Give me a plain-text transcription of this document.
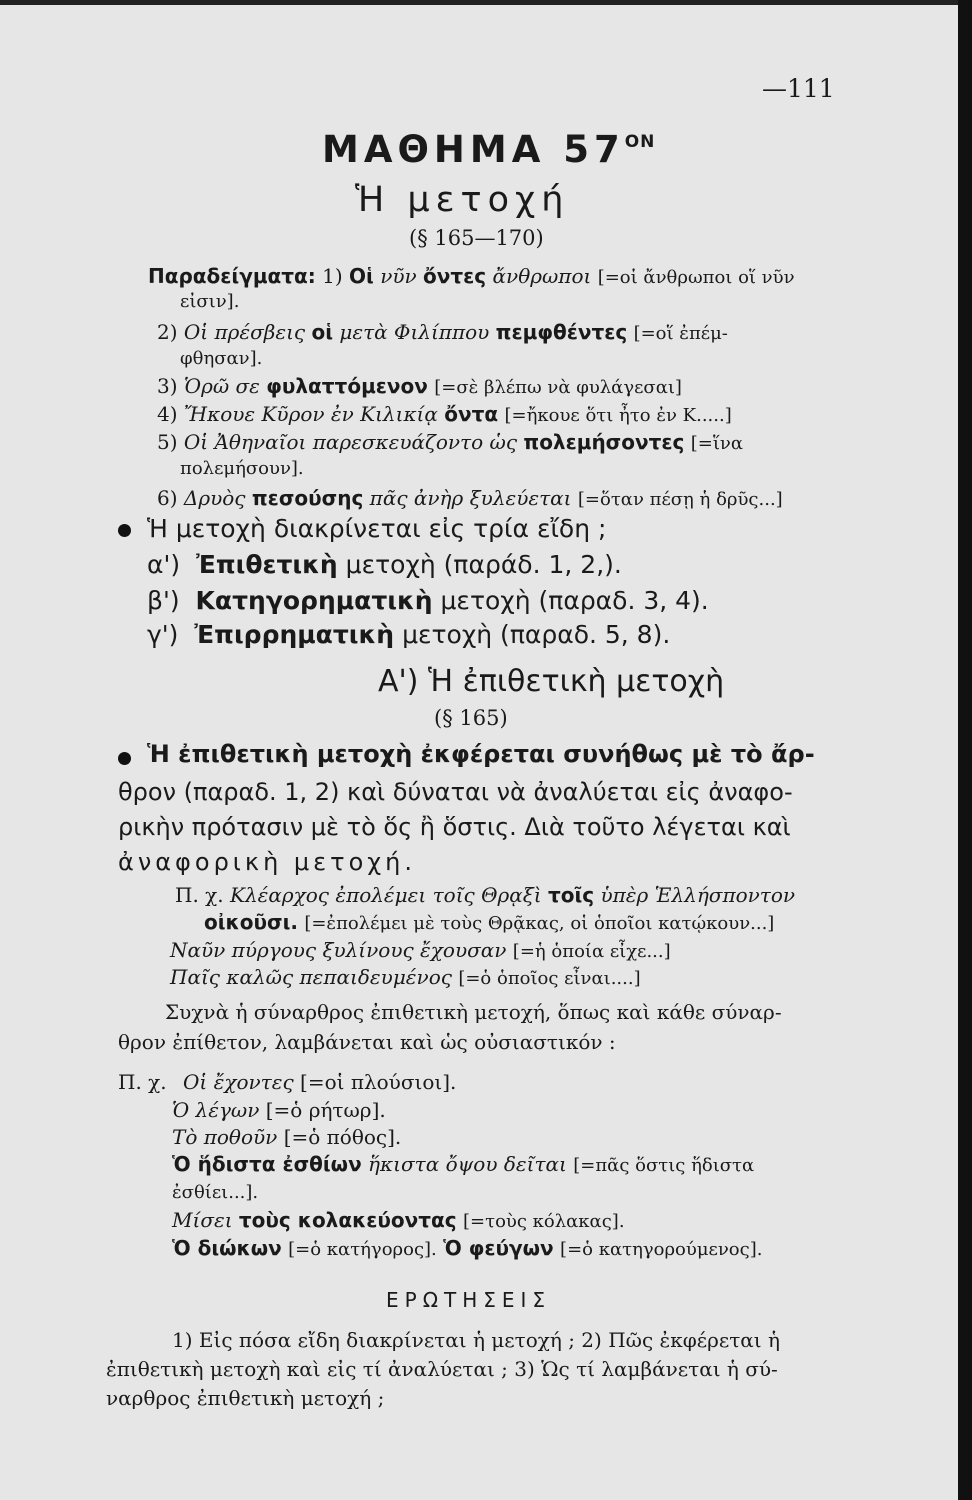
—111
ΜΑΘΗΜΑ $57^{ON}$
Ἡ μετοχή
(§ 165—170)
Παραδείγματα: 1) Οἱ νῦν ὄντες ἄνθρωποι [=οἱ ἄνθρωποι οἵ νῦν
εἰσιν].
2) Οἱ πρέσβεις οἱ μετὰ Φιλίππου πεμφθέντες [=οἵ ἐπέμ-
φθησαν].
3) Ὁρῶ σε φυλαττόμενον [=σὲ βλέπω νὰ φυλάγεσαι]
4) Ἤκουε Κῦρον ἐν Κιλικίᾳ ὄντα [=ἤκουε ὅτι ἦτο ἐν Κ.....]
5) Οἱ Ἀθηναῖοι παρεσκευάζοντο ὡς πολεμήσοντες [=ἵνα
πολεμήσουν].
6) Δρυὸς πεσούσης πᾶς ἀνὴρ ξυλεύεται [=ὅταν πέσῃ ἡ δρῦς...]
Ἡ μετοχὴ διακρίνεται εἰς τρία εἴδη ;
α') Ἐπιθετικὴ μετοχὴ (παράδ. 1, 2,).
β') Κατηγορηματικὴ μετοχὴ (παραδ. 3, 4).
γ') Ἐπιρρηματικὴ μετοχὴ (παραδ. 5, 8).
Α') Ἡ ἐπιθετικὴ μετοχὴ
(§ 165)
Ἡ ἐπιθετικὴ μετοχὴ ἐκφέρεται συνήθως μὲ τὸ ἄρ-
θρον (παραδ. 1, 2) καὶ δύναται νὰ ἀναλύεται εἰς ἀναφο-
ρικὴν πρότασιν μὲ τὸ ὅς ἢ ὅστις. Διὰ τοῦτο λέγεται καὶ
ἀναφορικὴ μετοχή.
Π. χ. Κλέαρχος ἐπολέμει τοῖς Θρᾳξὶ τοῖς ὑπὲρ Ἑλλήσποντον
οἰκοῦσι. [=ἐπολέμει μὲ τοὺς Θρᾷκας, οἱ ὁποῖοι κατῴκουν...]
Ναῦν πύργους ξυλίνους ἔχουσαν [=ἡ ὁποία εἶχε...]
Παῖς καλῶς πεπαιδευμένος [=ὁ ὁποῖος εἶναι....]
Συχνὰ ἡ σύναρθρος ἐπιθετικὴ μετοχή, ὅπως καὶ κάθε σύναρ-
θρον ἐπίθετον, λαμβάνεται καὶ ὡς οὐσιαστικόν :
Π. χ. Οἱ ἔχοντες [=οἱ πλούσιοι].
Ὁ λέγων [=ὁ ρήτωρ].
Τὸ ποθοῦν [=ὁ πόθος].
Ὁ ἥδιστα ἐσθίων ἥκιστα ὄψου δεῖται [=πᾶς ὅστις ἥδιστα
ἐσθίει...].
Μίσει τοὺς κολακεύοντας [=τοὺς κόλακας].
Ὁ διώκων [=ὁ κατήγορος]. Ὁ φεύγων [=ὁ κατηγορούμενος].
ΕΡΩΤΗΣΕΙΣ
1) Εἰς πόσα εἴδη διακρίνεται ἡ μετοχή ; 2) Πῶς ἐκφέρεται ἡ
ἐπιθετικὴ μετοχὴ καὶ εἰς τί ἀναλύεται ; 3) Ὡς τί λαμβάνεται ἡ σύ-
ναρθρος ἐπιθετικὴ μετοχή ;
